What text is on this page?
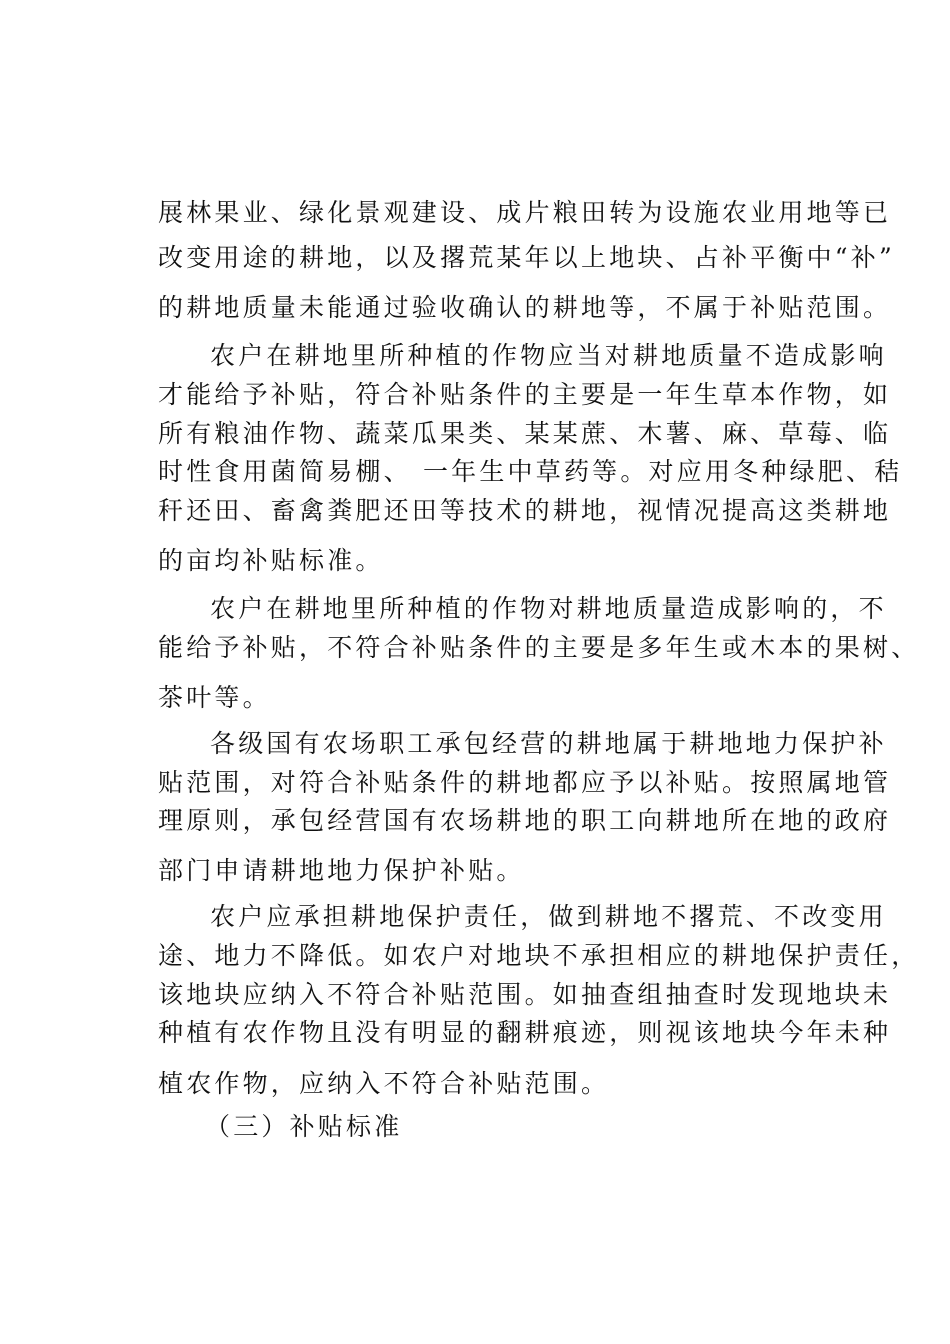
展林果业、绿化景观建设、成片粮田转为设施农业用地等已
改变用途的耕地，以及撂荒某年以上地块、占补平衡中“补”
的耕地质量未能通过验收确认的耕地等，不属于补贴范围。
农户在耕地里所种植的作物应当对耕地质量不造成影响
才能给予补贴，符合补贴条件的主要是一年生草本作物，如
所有粮油作物、蔬菜瓜果类、某某蔗、木薯、麻、草莓、临
时性食用菌简易棚、 一年生中草药等。对应用冬种绿肥、秸
秆还田、畜禽粪肥还田等技术的耕地，视情况提高这类耕地
的亩均补贴标准。
农户在耕地里所种植的作物对耕地质量造成影响的，不
能给予补贴，不符合补贴条件的主要是多年生或木本的果树、
茶叶等。
各级国有农场职工承包经营的耕地属于耕地地力保护补
贴范围，对符合补贴条件的耕地都应予以补贴。按照属地管
理原则，承包经营国有农场耕地的职工向耕地所在地的政府
部门申请耕地地力保护补贴。
农户应承担耕地保护责任，做到耕地不撂荒、不改变用
途、地力不降低。如农户对地块不承担相应的耕地保护责任，
该地块应纳入不符合补贴范围。如抽查组抽查时发现地块未
种植有农作物且没有明显的翻耕痕迹，则视该地块今年未种
植农作物，应纳入不符合补贴范围。
（三）补贴标准
